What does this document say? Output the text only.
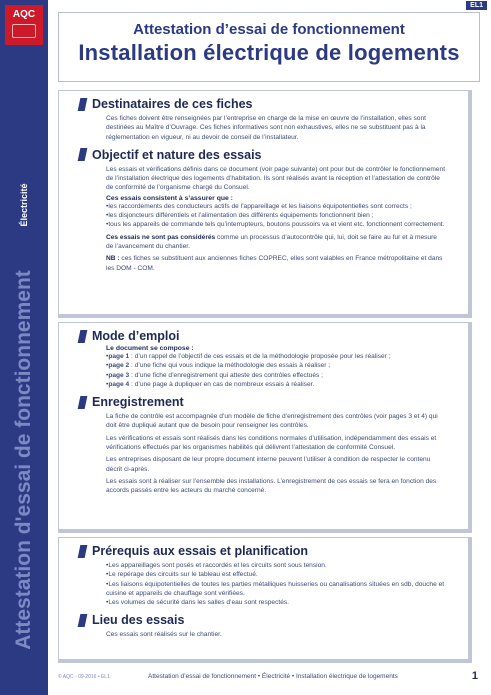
AQC
Électricité
Attestation d'essai de fonctionnement
EL1
Attestation d’essai de fonctionnement
Installation électrique de logements
Destinataires de ces fiches
Ces fiches doivent être renseignées par l’entreprise en charge de la mise en œuvre de l’installation, elles sont destinées au Maître d’Ouvrage. Ces fiches informatives sont non exhaustives, elles ne se substituent pas à la réglementation en vigueur, ni au devoir de conseil de l’installateur.
Objectif et nature des essais
Les essais et vérifications définis dans ce document (voir page suivante) ont pour but de contrôler le fonctionnement de l’installation électrique des logements d’habitation. Ils sont réalisés avant la réception et l’attestation de contrôle de conformité de l’organisme chargé du Consuel.
Ces essais consistent à s’assurer que :
• les raccordements des conducteurs actifs de l’appareillage et les liaisons équipotentielles sont corrects ;
• les disjoncteurs différentiels et l’alimentation des différents équipements fonctionnent bien ;
• tous les appareils de commande tels qu’interrupteurs, boutons poussoirs va et vient etc. fonctionnent correctement.
Ces essais ne sont pas considérés comme un processus d’autocontrôle qui, lui, doit se faire au fur et à mesure de l’avancement du chantier.
NB : ces fiches se substituent aux anciennes fiches COPREC, elles sont valables en France métropolitaine et dans les DOM - COM.
Mode d’emploi
Le document se compose :
• page 1 : d’un rappel de l’objectif de ces essais et de la méthodologie proposée pour les réaliser ;
• page 2 : d’une fiche qui vous indique la méthodologie des essais à réaliser ;
• page 3 : d’une fiche d’enregistrement qui atteste des contrôles effectués ;
• page 4 : d’une page à dupliquer en cas de nombreux essais à réaliser.
Enregistrement
La fiche de contrôle est accompagnée d’un modèle de fiche d’enregistrement des contrôles (voir pages 3 et 4) qui doit être dupliqué autant que de besoin pour renseigner les contrôles.
Les vérifications et essais sont réalisés dans les conditions normales d’utilisation, indépendamment des essais et vérifications effectués par les organismes habilités qui délivrent l’attestation de conformité Consuel.
Les entreprises disposant de leur propre document interne peuvent l’utiliser à condition de respecter le contenu décrit ci-après.
Les essais sont à réaliser sur l’ensemble des installations. L’enregistrement de ces essais se fera en fonction des accords passés entre les acteurs du marché concerné.
Prérequis aux essais et planification
• Les appareillages sont posés et raccordés et les circuits sont sous tension.
• Le repérage des circuits sur le tableau est effectué.
• Les liaisons équipotentielles de toutes les parties métalliques huisseries ou canalisations situées en sdb, douche et cuisine et appareils de chauffage sont vérifiées.
• Les volumes de sécurité dans les salles d’eau sont respectés.
Lieu des essais
Ces essais sont réalisés sur le chantier.
© AQC - 09-2016 • EL1	Attestation d’essai de fonctionnement • Électricité • Installation électrique de logements	1
